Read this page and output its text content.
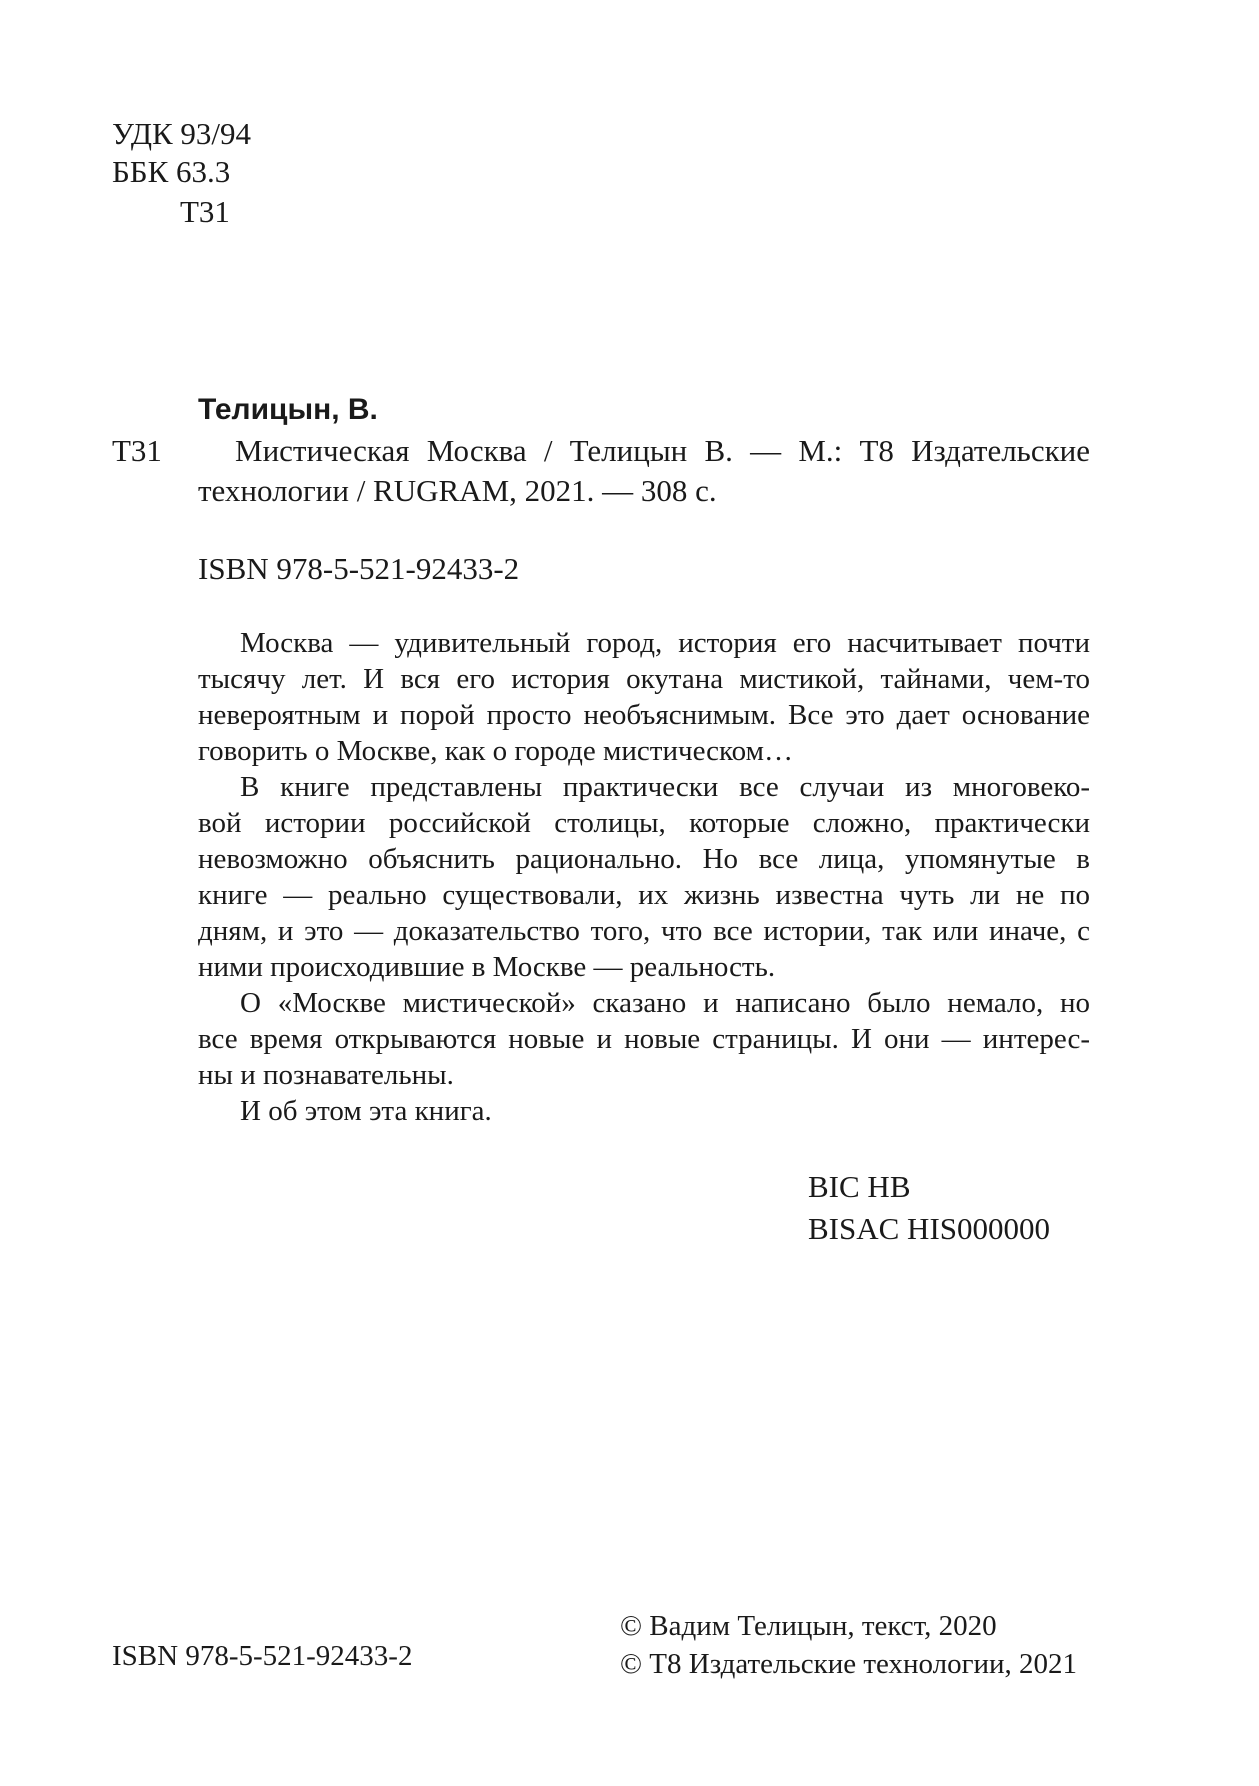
УДК 93/94
ББК 63.3
Т31
Телицын, В.
Т31	Мистическая Москва / Телицын В. — М.: Т8 Издательские
технологии / RUGRAM, 2021. — 308 с.
ISBN 978-5-521-92433-2
Москва — удивительный город, история его насчитывает почти
тысячу лет. И вся его история окутана мистикой, тайнами, чем-то
невероятным и порой просто необъяснимым. Все это дает основание
говорить о Москве, как о городе мистическом…
В книге представлены практически все случаи из многовеко-
вой истории российской столицы, которые сложно, практически
невозможно объяснить рационально. Но все лица, упомянутые в
книге — реально существовали, их жизнь известна чуть ли не по
дням, и это — доказательство того, что все истории, так или иначе, с
ними происходившие в Москве — реальность.
О «Москве мистической» сказано и написано было немало, но
все время открываются новые и новые страницы. И они — интерес-
ны и познавательны.
И об этом эта книга.
BIC HB
BISAC HIS000000
ISBN 978-5-521-92433-2
© Вадим Телицын, текст, 2020
© Т8 Издательские технологии, 2021
